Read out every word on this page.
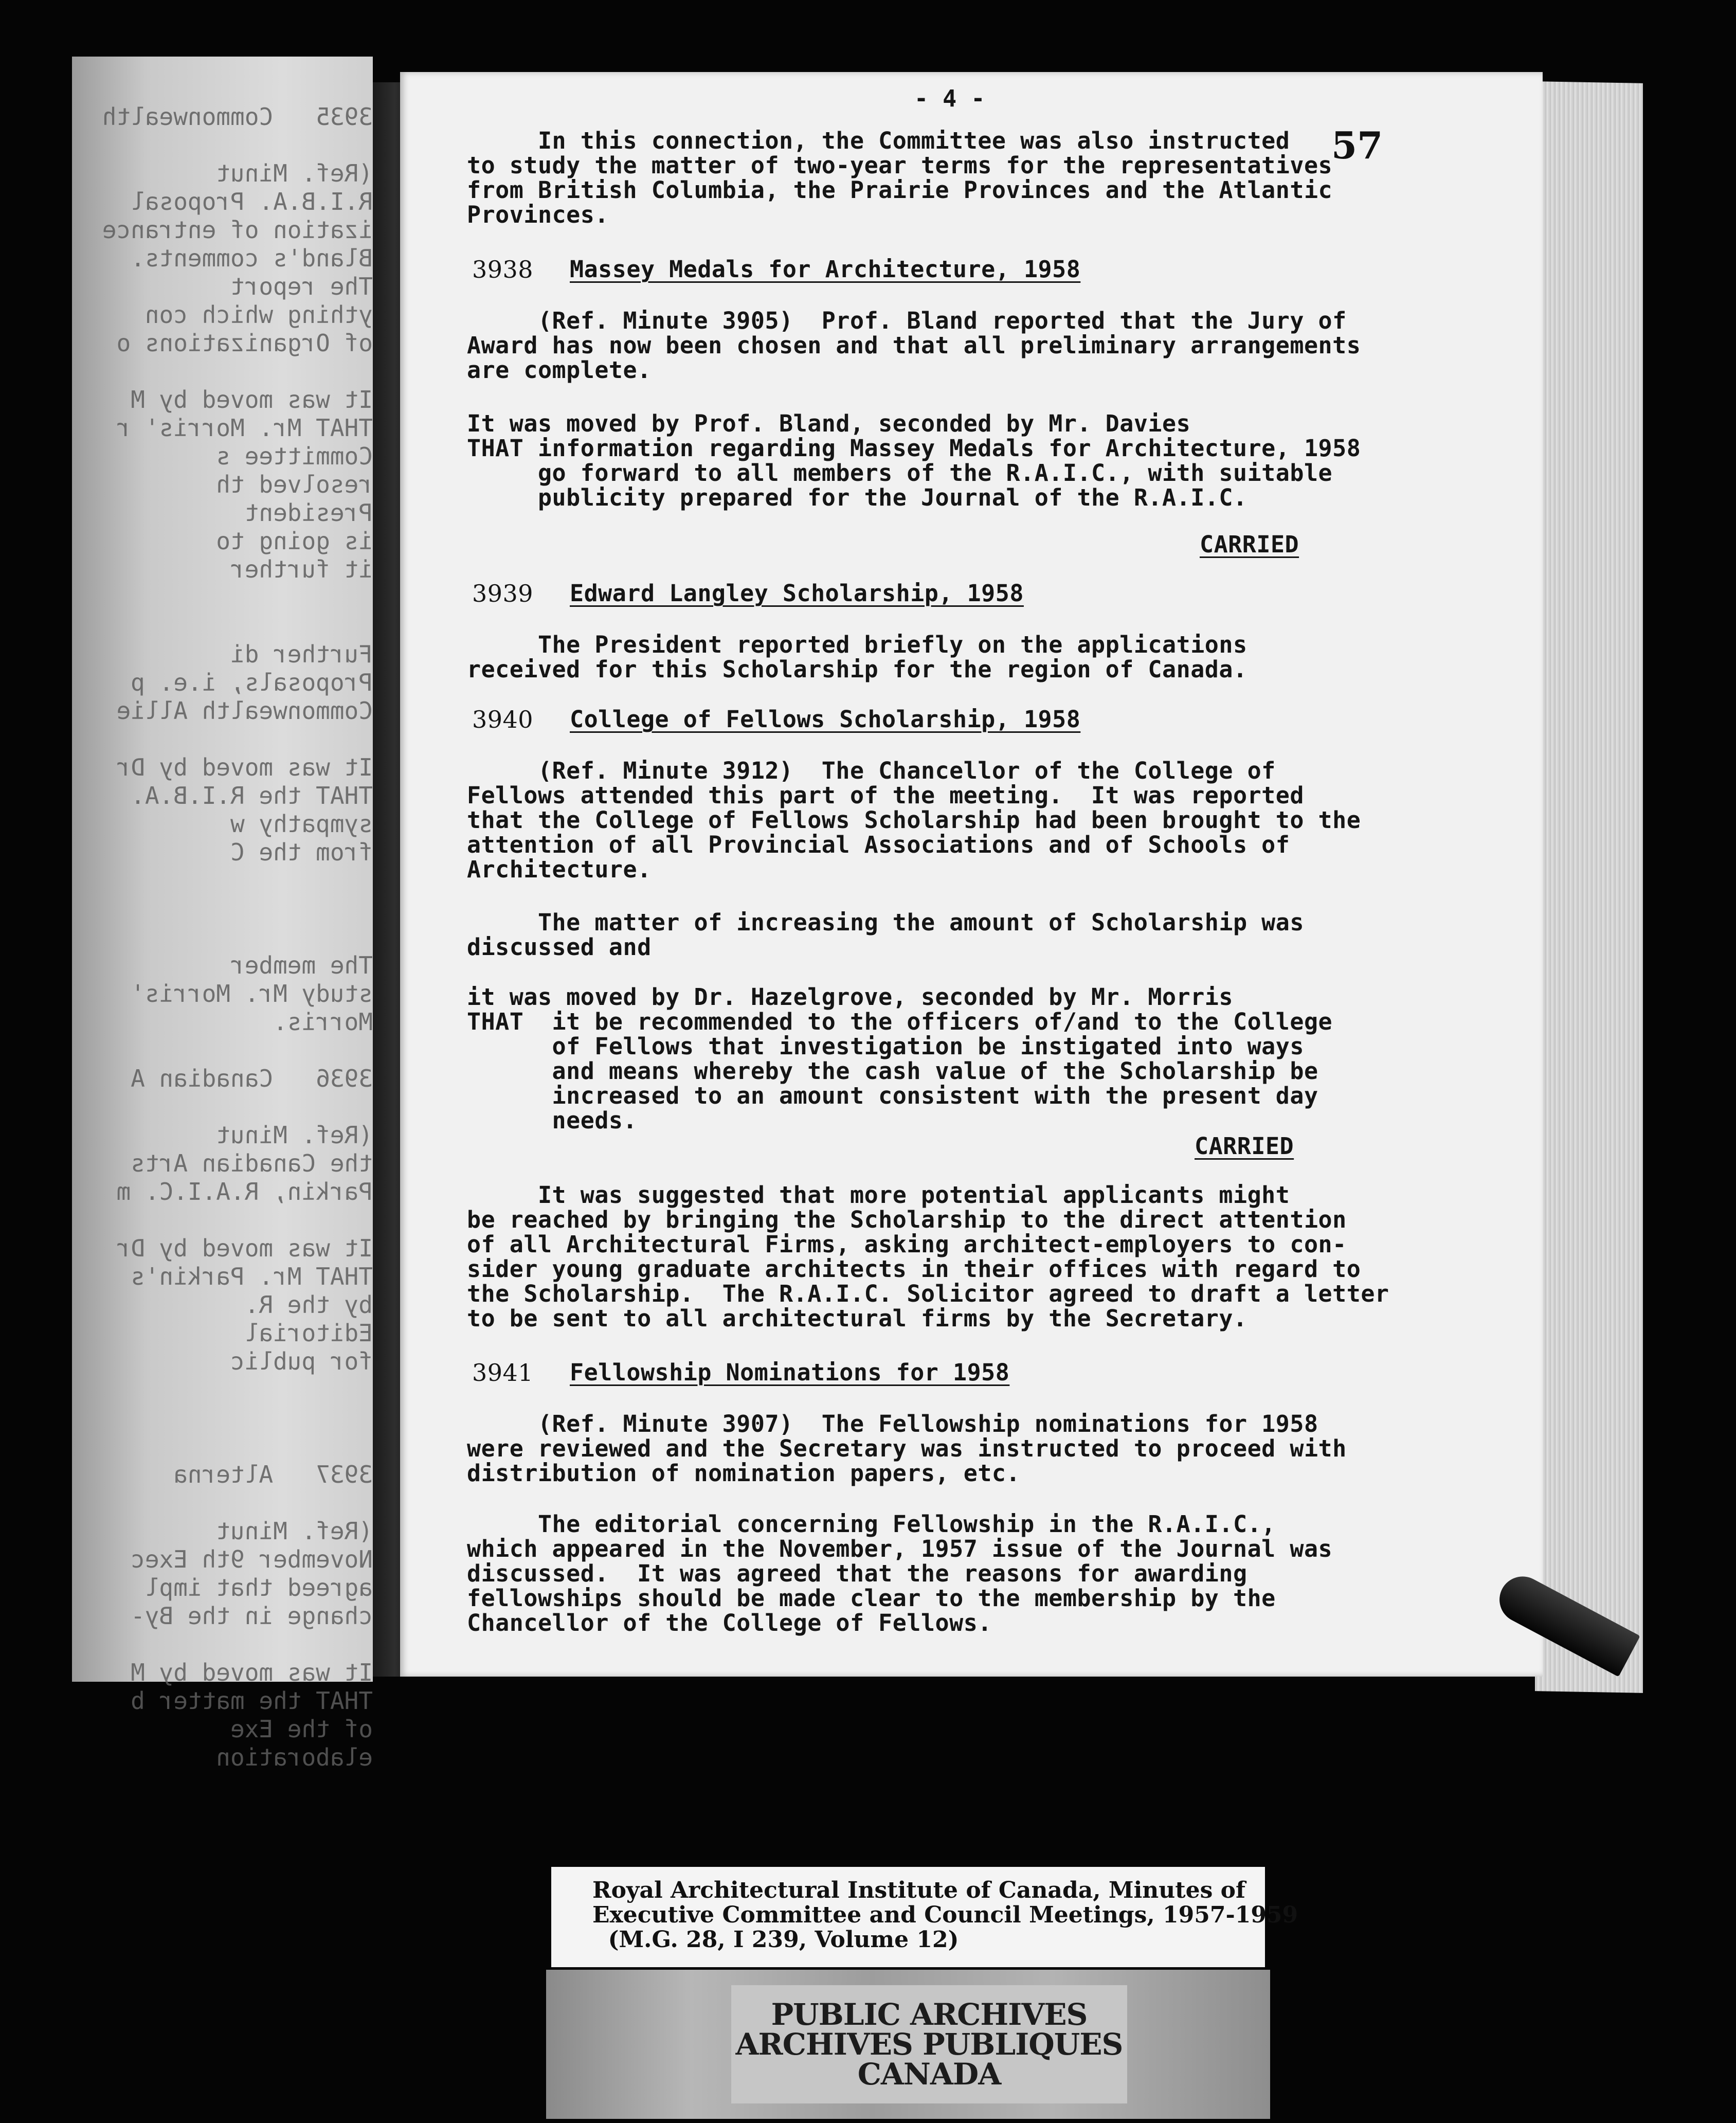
3935   Commonwealth
(Ref. Minut
R.I.B.A. Proposal
ization of entrance
Bland's comments.
The report
ything which con
of Organizations o
It was moved by M
THAT Mr. Morris' r
Committee s
resolved th
President
is going to
it further
Further di
Proposals, i.e. p
Commonwealth Allie
It was moved by Dr
THAT the R.I.B.A.
sympathy w
from the C
The member
study Mr. Morris'
Morris.
3936   Canadian A
(Ref. Minut
the Canadian Arts
Parkin, R.A.I.C. m
It was moved by Dr
THAT Mr. Parkin's
by the R.
Editorial
for public
3937   Alterna
(Ref. Minut
November 9th Exec
agreed that impl
change in the By-
It was moved by M
THAT the matter b
of the Exe
elaboration
- 4 -
In this connection, the Committee was also instructed
to study the matter of two-year terms for the representatives
from British Columbia, the Prairie Provinces and the Atlantic
Provinces.
3938 Massey Medals for Architecture, 1958
(Ref. Minute 3905)  Prof. Bland reported that the Jury of
Award has now been chosen and that all preliminary arrangements
are complete.
It was moved by Prof. Bland, seconded by Mr. Davies
THAT information regarding Massey Medals for Architecture, 1958
go forward to all members of the R.A.I.C., with suitable
publicity prepared for the Journal of the R.A.I.C.
CARRIED
3939 Edward Langley Scholarship, 1958
The President reported briefly on the applications
received for this Scholarship for the region of Canada.
3940 College of Fellows Scholarship, 1958
(Ref. Minute 3912)  The Chancellor of the College of
Fellows attended this part of the meeting.  It was reported
that the College of Fellows Scholarship had been brought to the
attention of all Provincial Associations and of Schools of
Architecture.
The matter of increasing the amount of Scholarship was
discussed and
it was moved by Dr. Hazelgrove, seconded by Mr. Morris
THAT  it be recommended to the officers of/and to the College
of Fellows that investigation be instigated into ways
and means whereby the cash value of the Scholarship be
increased to an amount consistent with the present day
needs.
CARRIED
It was suggested that more potential applicants might
be reached by bringing the Scholarship to the direct attention
of all Architectural Firms, asking architect-employers to con-
sider young graduate architects in their offices with regard to
the Scholarship.  The R.A.I.C. Solicitor agreed to draft a letter
to be sent to all architectural firms by the Secretary.
3941 Fellowship Nominations for 1958
(Ref. Minute 3907)  The Fellowship nominations for 1958
were reviewed and the Secretary was instructed to proceed with
distribution of nomination papers, etc.
The editorial concerning Fellowship in the R.A.I.C.,
which appeared in the November, 1957 issue of the Journal was
discussed.  It was agreed that the reasons for awarding
fellowships should be made clear to the membership by the
Chancellor of the College of Fellows.
57
Royal Architectural Institute of Canada, Minutes of
Executive Committee and Council Meetings, 1957-1959
(M.G. 28, I 239, Volume 12)
PUBLIC ARCHIVES
ARCHIVES PUBLIQUES
CANADA
